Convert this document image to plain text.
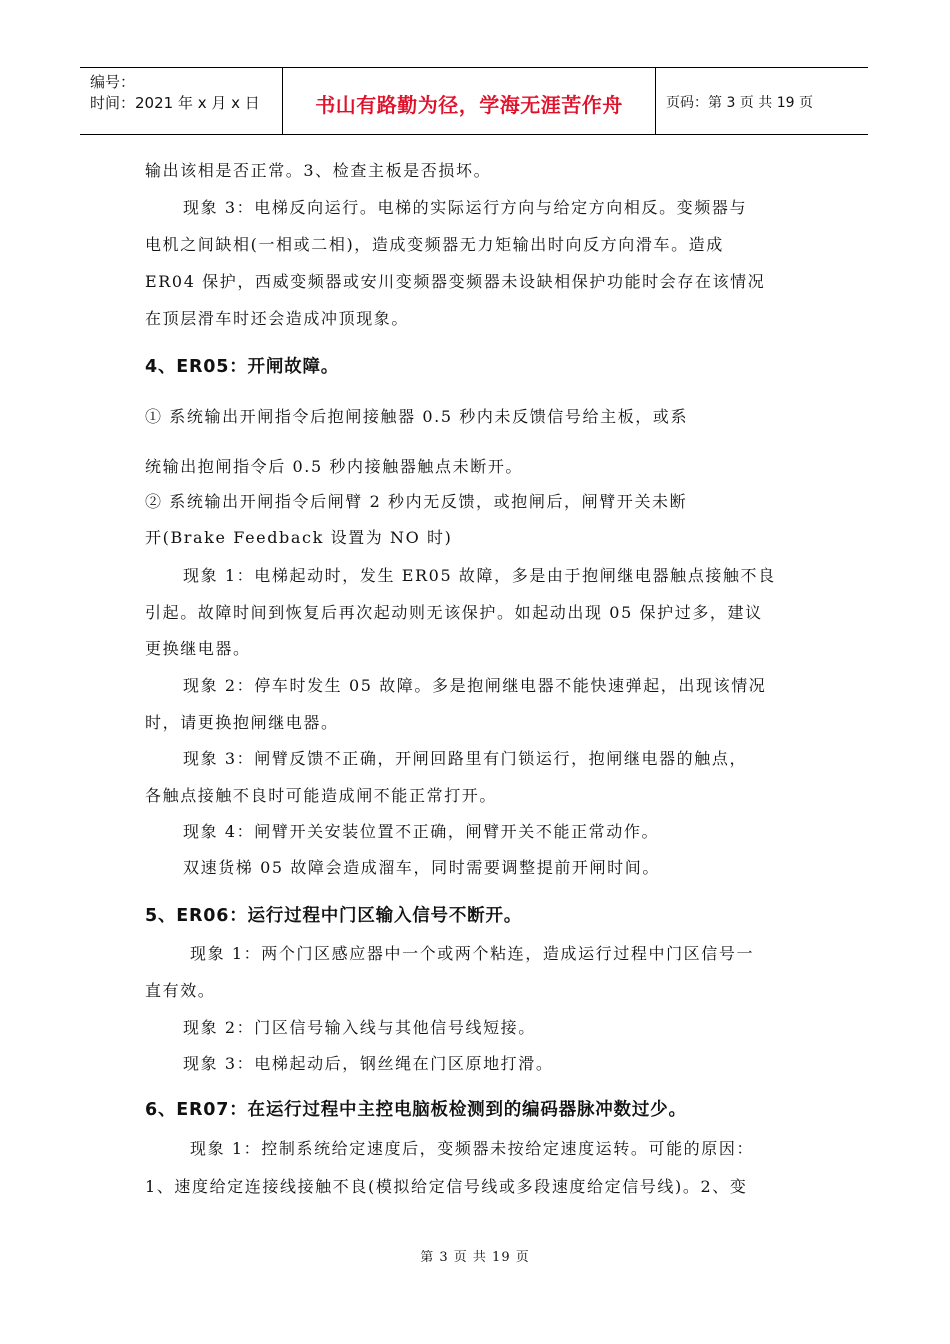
编号：
时间：2021 年 x 月 x 日	书山有路勤为径，学海无涯苦作舟	页码：第 3 页 共 19 页
输出该相是否正常。3、检查主板是否损坏。
现象 3：电梯反向运行。电梯的实际运行方向与给定方向相反。变频器与
电机之间缺相(一相或二相)，造成变频器无力矩输出时向反方向滑车。造成
ER04 保护，西威变频器或安川变频器变频器未设缺相保护功能时会存在该情况
在顶层滑车时还会造成冲顶现象。
4、ER05：开闸故障。
① 系统输出开闸指令后抱闸接触器 0.5 秒内未反馈信号给主板，或系
统输出抱闸指令后 0.5 秒内接触器触点未断开。
② 系统输出开闸指令后闸臂 2 秒内无反馈，或抱闸后，闸臂开关未断
开(Brake Feedback 设置为 NO 时)
现象 1：电梯起动时，发生 ER05 故障，多是由于抱闸继电器触点接触不良
引起。故障时间到恢复后再次起动则无该保护。如起动出现 05 保护过多，建议
更换继电器。
现象 2：停车时发生 05 故障。多是抱闸继电器不能快速弹起，出现该情况
时，请更换抱闸继电器。
现象 3：闸臂反馈不正确，开闸回路里有门锁运行，抱闸继电器的触点，
各触点接触不良时可能造成闸不能正常打开。
现象 4：闸臂开关安装位置不正确，闸臂开关不能正常动作。
双速货梯 05 故障会造成溜车，同时需要调整提前开闸时间。
5、ER06：运行过程中门区输入信号不断开。
现象 1：两个门区感应器中一个或两个粘连，造成运行过程中门区信号一
直有效。
现象 2：门区信号输入线与其他信号线短接。
现象 3：电梯起动后，钢丝绳在门区原地打滑。
6、ER07：在运行过程中主控电脑板检测到的编码器脉冲数过少。
现象 1：控制系统给定速度后，变频器未按给定速度运转。可能的原因：
1、速度给定连接线接触不良(模拟给定信号线或多段速度给定信号线)。2、变
第 3 页 共 19 页
